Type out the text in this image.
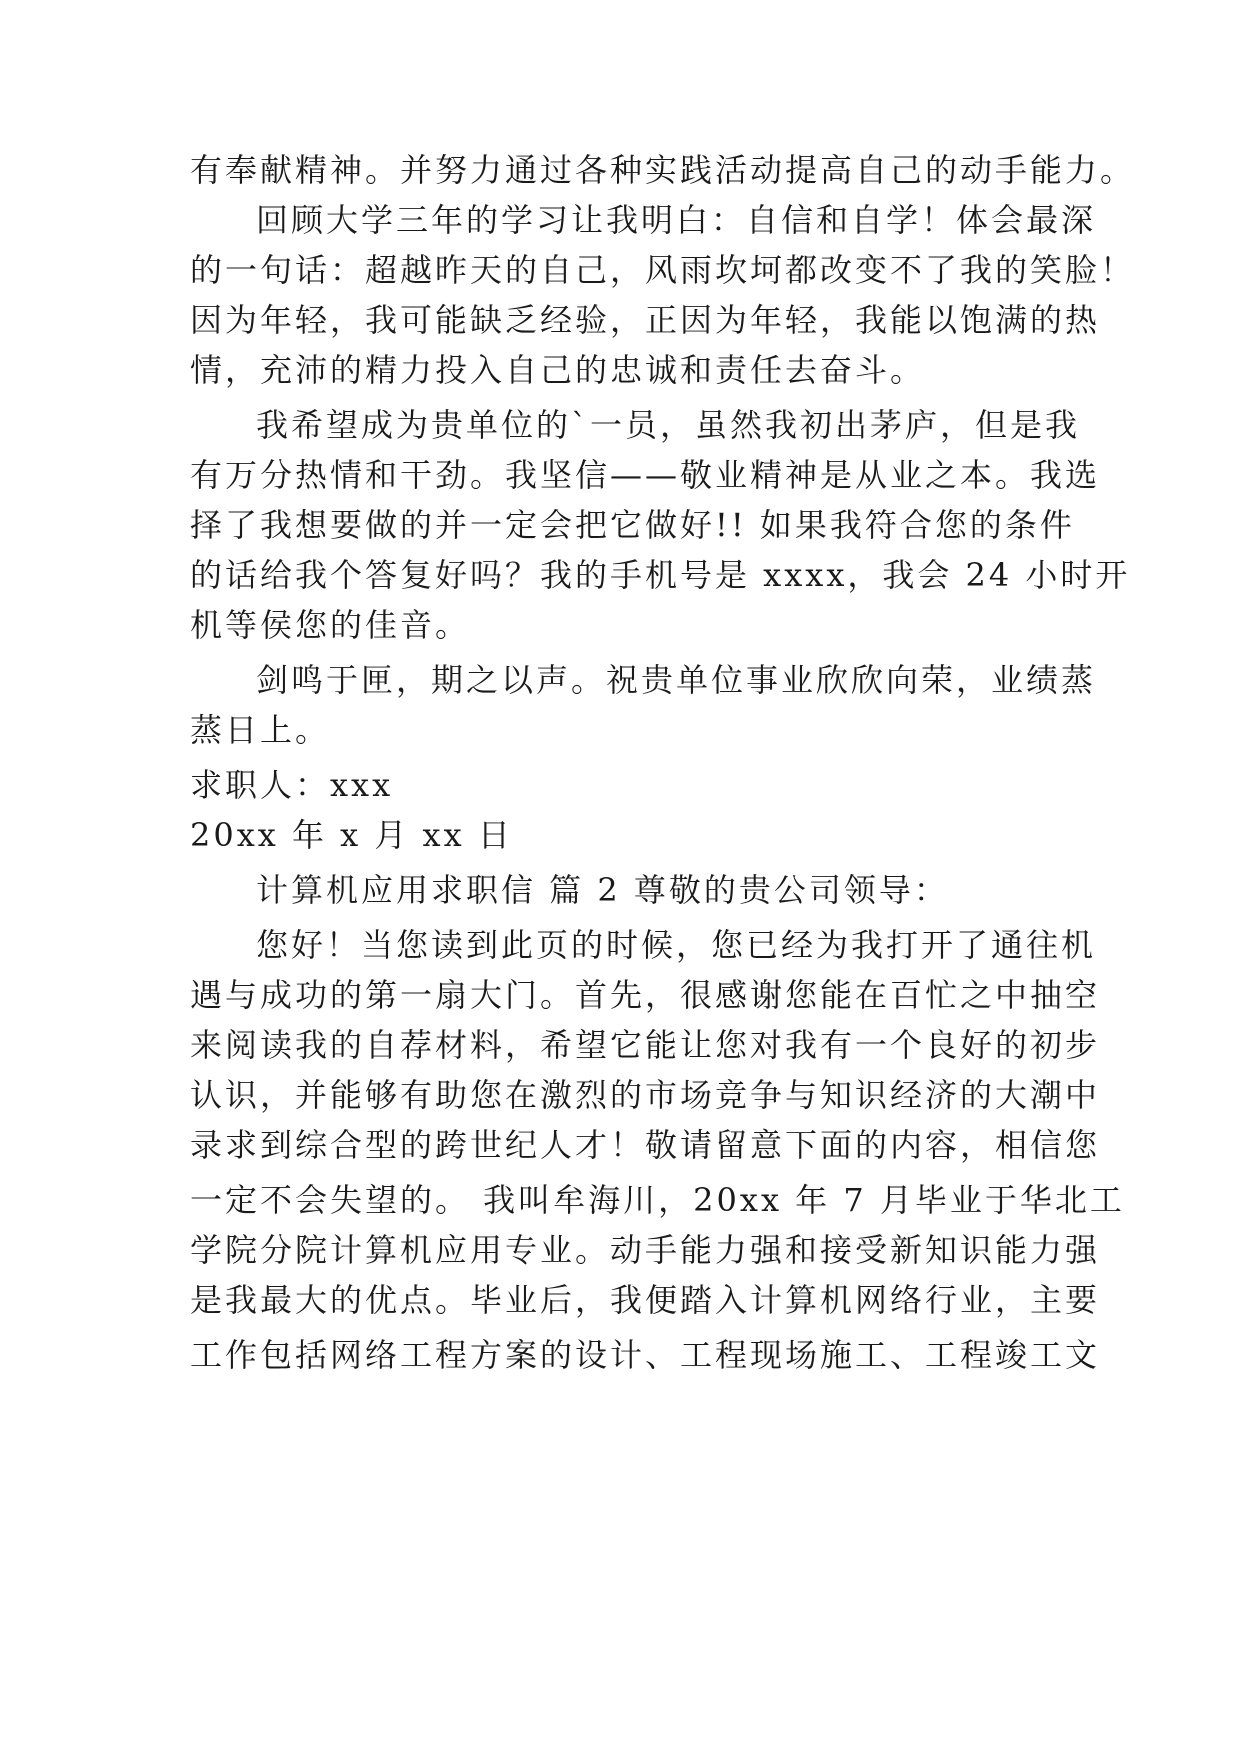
有奉献精神。并努力通过各种实践活动提高自己的动手能力。
回顾大学三年的学习让我明白：自信和自学！体会最深
的一句话：超越昨天的自己，风雨坎坷都改变不了我的笑脸！
因为年轻，我可能缺乏经验，正因为年轻，我能以饱满的热
情，充沛的精力投入自己的忠诚和责任去奋斗。
我希望成为贵单位的`一员，虽然我初出茅庐，但是我
有万分热情和干劲。我坚信——敬业精神是从业之本。我选
择了我想要做的并一定会把它做好!! 如果我符合您的条件
的话给我个答复好吗？我的手机号是 xxxx，我会 24 小时开
机等侯您的佳音。
剑鸣于匣，期之以声。祝贵单位事业欣欣向荣，业绩蒸
蒸日上。
求职人：xxx
20xx 年 x 月 xx 日
计算机应用求职信 篇 2 尊敬的贵公司领导：
您好！当您读到此页的时候，您已经为我打开了通往机
遇与成功的第一扇大门。首先，很感谢您能在百忙之中抽空
来阅读我的自荐材料，希望它能让您对我有一个良好的初步
认识，并能够有助您在激烈的市场竞争与知识经济的大潮中
录求到综合型的跨世纪人才！敬请留意下面的内容，相信您
一定不会失望的。 我叫牟海川，20xx 年 7 月毕业于华北工
学院分院计算机应用专业。动手能力强和接受新知识能力强
是我最大的优点。毕业后，我便踏入计算机网络行业，主要
工作包括网络工程方案的设计、工程现场施工、工程竣工文
